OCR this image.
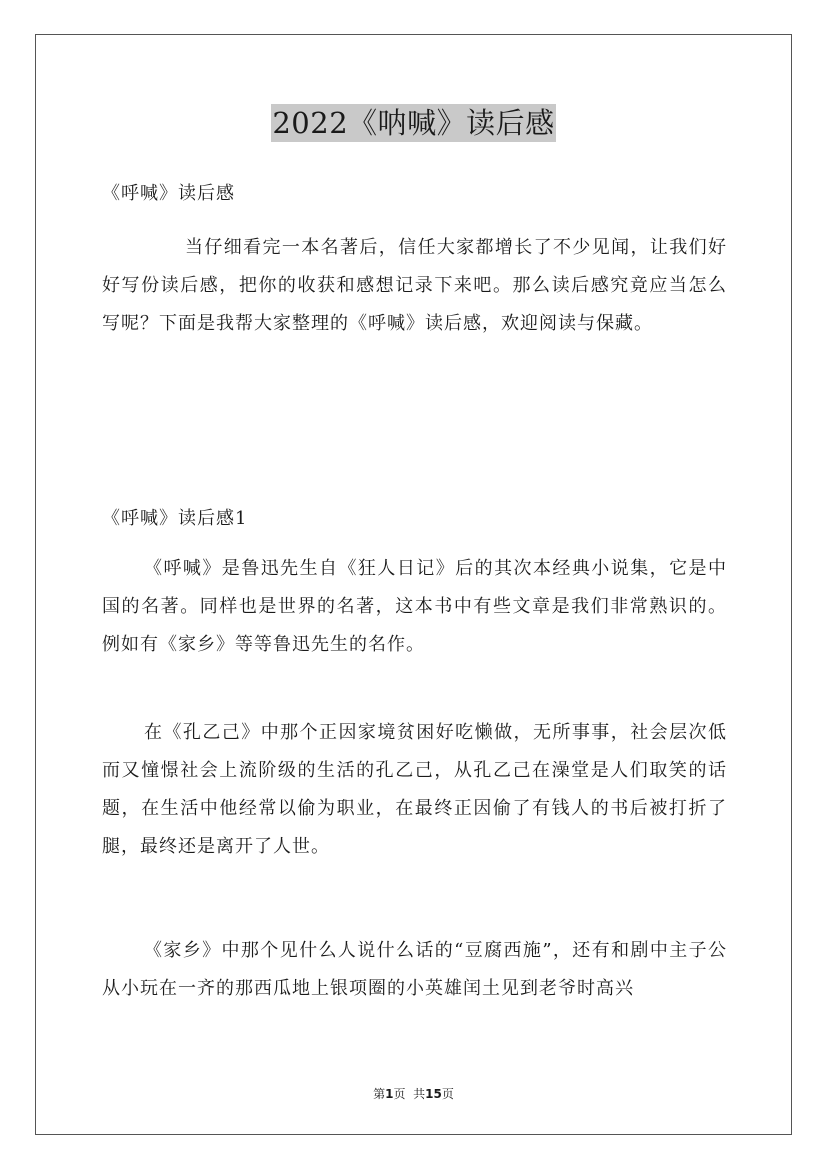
2022《呐喊》读后感
《呼喊》读后感
当仔细看完一本名著后，信任大家都增长了不少见闻，让我们好好写份读后感，把你的收获和感想记录下来吧。那么读后感究竟应当怎么写呢？下面是我帮大家整理的《呼喊》读后感，欢迎阅读与保藏。
《呼喊》读后感1
《呼喊》是鲁迅先生自《狂人日记》后的其次本经典小说集，它是中国的名著。同样也是世界的名著，这本书中有些文章是我们非常熟识的。例如有《家乡》等等鲁迅先生的名作。
在《孔乙己》中那个正因家境贫困好吃懒做，无所事事，社会层次低而又憧憬社会上流阶级的生活的孔乙己，从孔乙己在澡堂是人们取笑的话题，在生活中他经常以偷为职业，在最终正因偷了有钱人的书后被打折了腿，最终还是离开了人世。
《家乡》中那个见什么人说什么话的“豆腐西施”，还有和剧中主子公从小玩在一齐的那西瓜地上银项圈的小英雄闰土见到老爷时高兴
第1页  共15页
